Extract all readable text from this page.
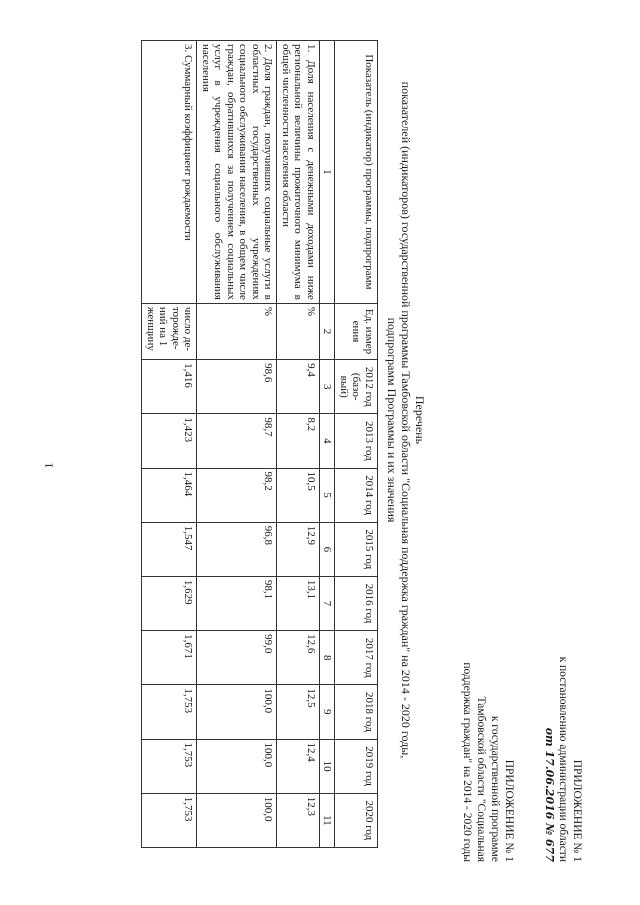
1
ПРИЛОЖЕНИЕ № 1
к постановлению администрации области
от 17.06.2016 № 677
ПРИЛОЖЕНИЕ № 1
к государственной программе
Тамбовской области "Социальная
поддержка граждан" на 2014 - 2020 годы
Перечень
показателей (индикаторов) государственной программы Тамбовской области "Социальная поддержка граждан" на 2014 - 2020 годы,
подпрограмм Программы и их значения
Показатель (индикатор) программы, подпрограмм	Ед. измер ения	2012 год (базо- вый)	2013 год	2014 год	2015 год	2016 год	2017 год	2018 год	2019 год	2020 год
1	2	3	4	5	6	7	8	9	10	11
1. Доля населения с денежными доходами ниже региональной величины прожиточного минимума в общей численности населения области	%	9,4	8,2	10,5	12,9	13,1	12,6	12,5	12,4	12,3
2. Доля граждан, получивших социальные услуги в областных государственных учреждениях социального обслуживания населения, в общем числе граждан, обратившихся за получением социальных услуг в учреждения социального обслуживания населения	%	98,6	98,7	98,2	96,8	98,1	99,0	100,0	100,0	100,0
3. Суммарный коэффициент рождаемости	число де- торожде- ний на 1 женщину	1,416	1,423	1,464	1,547	1,629	1,671	1,753	1,753	1,753
